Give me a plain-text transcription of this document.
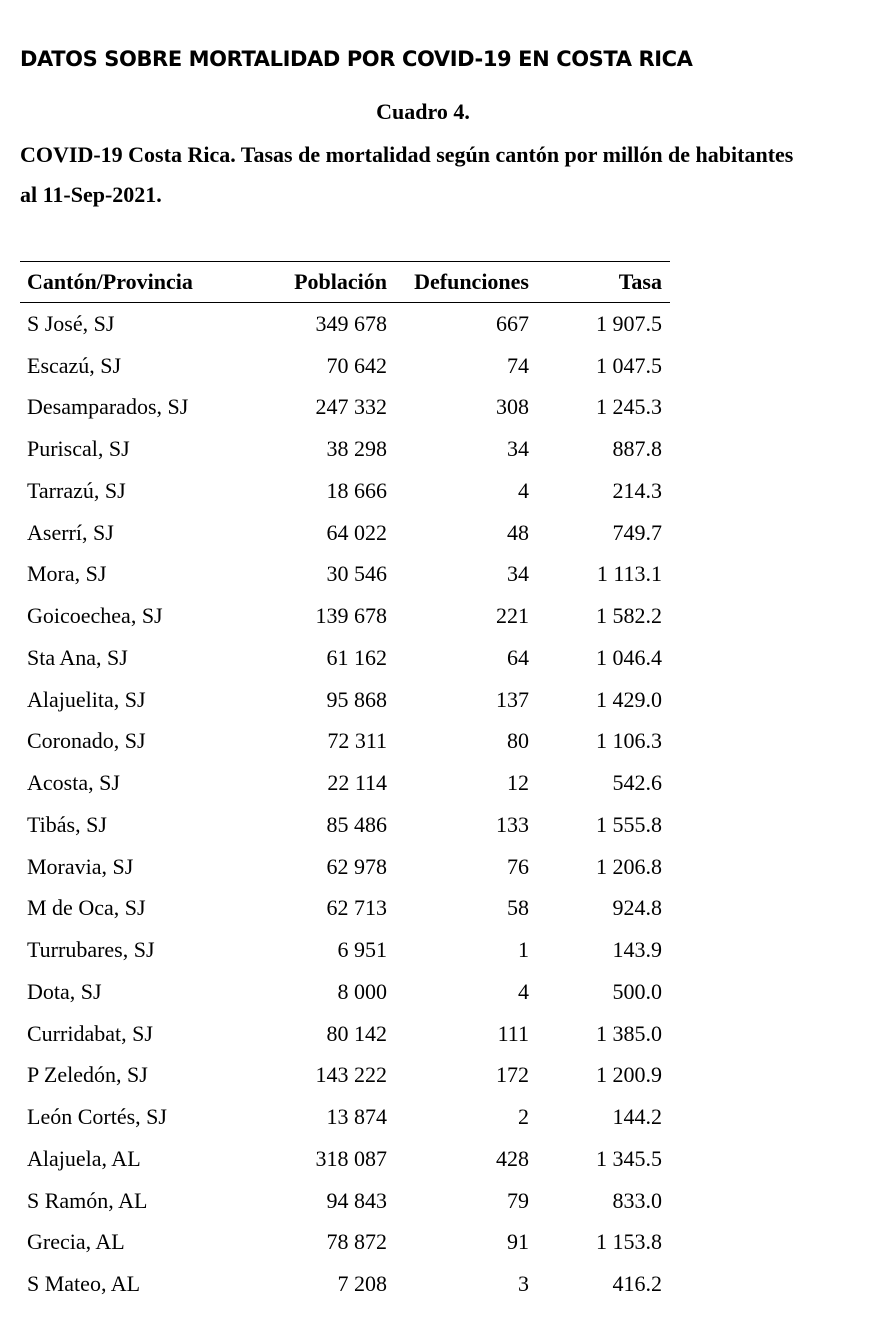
DATOS SOBRE MORTALIDAD POR COVID-19 EN COSTA RICA
Cuadro 4.
COVID-19 Costa Rica. Tasas de mortalidad según cantón por millón de habitantes
al 11-Sep-2021.
Cantón/Provincia	Población	Defunciones	Tasa
S José, SJ	349 678	667	1 907.5
Escazú, SJ	70 642	74	1 047.5
Desamparados, SJ	247 332	308	1 245.3
Puriscal, SJ	38 298	34	887.8
Tarrazú, SJ	18 666	4	214.3
Aserrí, SJ	64 022	48	749.7
Mora, SJ	30 546	34	1 113.1
Goicoechea, SJ	139 678	221	1 582.2
Sta Ana, SJ	61 162	64	1 046.4
Alajuelita, SJ	95 868	137	1 429.0
Coronado, SJ	72 311	80	1 106.3
Acosta, SJ	22 114	12	542.6
Tibás, SJ	85 486	133	1 555.8
Moravia, SJ	62 978	76	1 206.8
M de Oca, SJ	62 713	58	924.8
Turrubares, SJ	6 951	1	143.9
Dota, SJ	8 000	4	500.0
Curridabat, SJ	80 142	111	1 385.0
P Zeledón, SJ	143 222	172	1 200.9
León Cortés, SJ	13 874	2	144.2
Alajuela, AL	318 087	428	1 345.5
S Ramón, AL	94 843	79	833.0
Grecia, AL	78 872	91	1 153.8
S Mateo, AL	7 208	3	416.2
